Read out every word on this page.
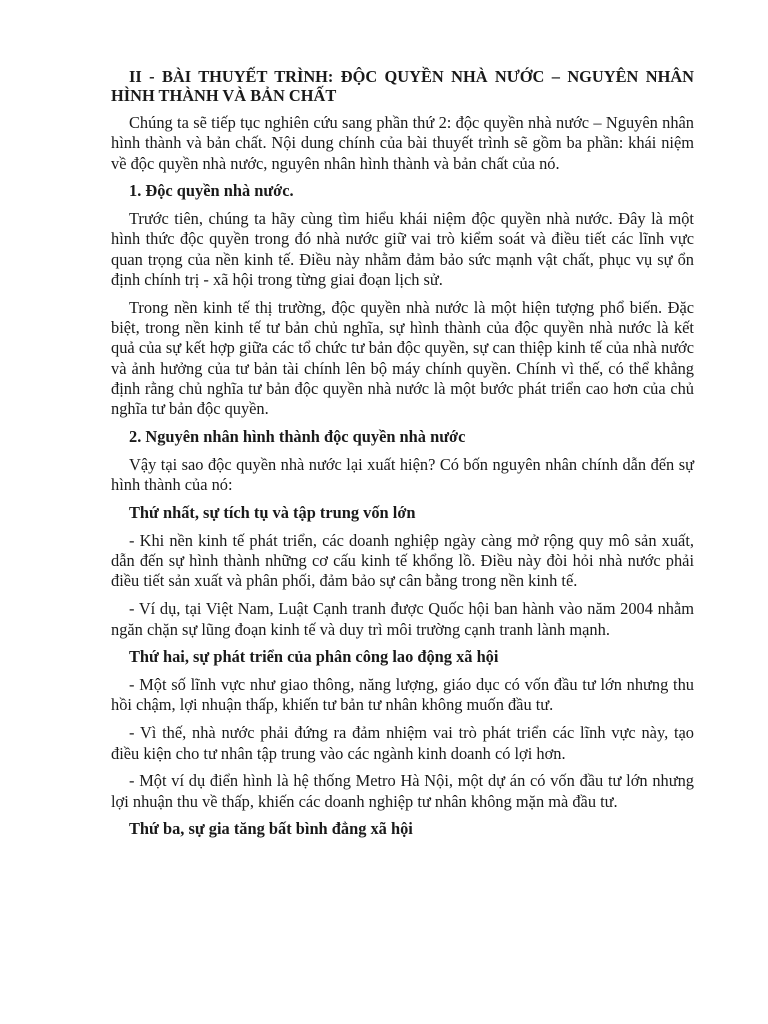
II - BÀI THUYẾT TRÌNH: ĐỘC QUYỀN NHÀ NƯỚC – NGUYÊN NHÂN HÌNH THÀNH VÀ BẢN CHẤT

Chúng ta sẽ tiếp tục nghiên cứu sang phần thứ 2: độc quyền nhà nước – Nguyên nhân hình thành và bản chất. Nội dung chính của bài thuyết trình sẽ gồm ba phần: khái niệm về độc quyền nhà nước, nguyên nhân hình thành và bản chất của nó.

1. Độc quyền nhà nước.

Trước tiên, chúng ta hãy cùng tìm hiểu khái niệm độc quyền nhà nước. Đây là một hình thức độc quyền trong đó nhà nước giữ vai trò kiểm soát và điều tiết các lĩnh vực quan trọng của nền kinh tế. Điều này nhằm đảm bảo sức mạnh vật chất, phục vụ sự ổn định chính trị - xã hội trong từng giai đoạn lịch sử.

Trong nền kinh tế thị trường, độc quyền nhà nước là một hiện tượng phổ biến. Đặc biệt, trong nền kinh tế tư bản chủ nghĩa, sự hình thành của độc quyền nhà nước là kết quả của sự kết hợp giữa các tổ chức tư bản độc quyền, sự can thiệp kinh tế của nhà nước và ảnh hưởng của tư bản tài chính lên bộ máy chính quyền. Chính vì thế, có thể khẳng định rằng chủ nghĩa tư bản độc quyền nhà nước là một bước phát triển cao hơn của chủ nghĩa tư bản độc quyền.

2. Nguyên nhân hình thành độc quyền nhà nước

Vậy tại sao độc quyền nhà nước lại xuất hiện? Có bốn nguyên nhân chính dẫn đến sự hình thành của nó:

Thứ nhất, sự tích tụ và tập trung vốn lớn

- Khi nền kinh tế phát triển, các doanh nghiệp ngày càng mở rộng quy mô sản xuất, dẫn đến sự hình thành những cơ cấu kinh tế khổng lồ. Điều này đòi hỏi nhà nước phải điều tiết sản xuất và phân phối, đảm bảo sự cân bằng trong nền kinh tế.

- Ví dụ, tại Việt Nam, Luật Cạnh tranh được Quốc hội ban hành vào năm 2004 nhằm ngăn chặn sự lũng đoạn kinh tế và duy trì môi trường cạnh tranh lành mạnh.

Thứ hai, sự phát triển của phân công lao động xã hội

- Một số lĩnh vực như giao thông, năng lượng, giáo dục có vốn đầu tư lớn nhưng thu hồi chậm, lợi nhuận thấp, khiến tư bản tư nhân không muốn đầu tư.

- Vì thế, nhà nước phải đứng ra đảm nhiệm vai trò phát triển các lĩnh vực này, tạo điều kiện cho tư nhân tập trung vào các ngành kinh doanh có lợi hơn.

- Một ví dụ điển hình là hệ thống Metro Hà Nội, một dự án có vốn đầu tư lớn nhưng lợi nhuận thu về thấp, khiến các doanh nghiệp tư nhân không mặn mà đầu tư.

Thứ ba, sự gia tăng bất bình đẳng xã hội
